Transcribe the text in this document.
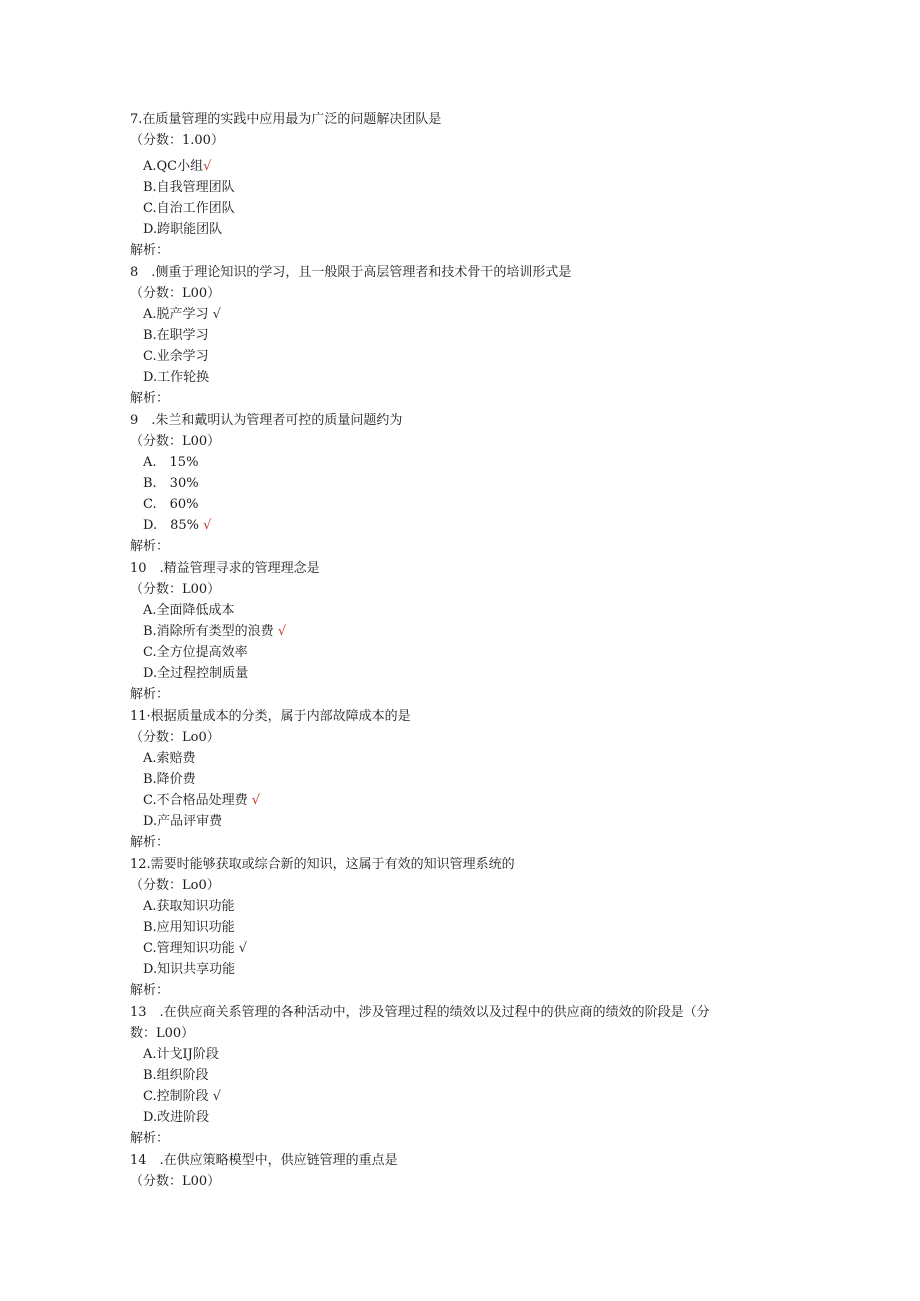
7.在质量管理的实践中应用最为广泛的问题解决团队是
（分数：1.00）
A.QC小组√
B.自我管理团队
C.自治工作团队
D.跨职能团队
解析：
8　.侧重于理论知识的学习，且一般限于高层管理者和技术骨干的培训形式是
（分数：L00）
A.脱产学习 √
B.在职学习
C.业余学习
D.工作轮换
解析：
9　.朱兰和戴明认为管理者可控的质量问题约为
（分数：L00）
A.　15%
B.　30%
C.　60%
D.　85% √
解析：
10　.精益管理寻求的管理理念是
（分数：L00）
A.全面降低成本
B.消除所有类型的浪费 √
C.全方位提高效率
D.全过程控制质量
解析：
11·根据质量成本的分类，属于内部故障成本的是
（分数：Lo0）
A.索赔费
B.降价费
C.不合格品处理费 √
D.产品评审费
解析：
12.需要时能够获取或综合新的知识，这属于有效的知识管理系统的
（分数：Lo0）
A.获取知识功能
B.应用知识功能
C.管理知识功能 √
D.知识共享功能
解析：
13　.在供应商关系管理的各种活动中，涉及管理过程的绩效以及过程中的供应商的绩效的阶段是（分
数：L00）
A.计戈IJ阶段
B.组织阶段
C.控制阶段 √
D.改进阶段
解析：
14　.在供应策略模型中，供应链管理的重点是
（分数：L00）
